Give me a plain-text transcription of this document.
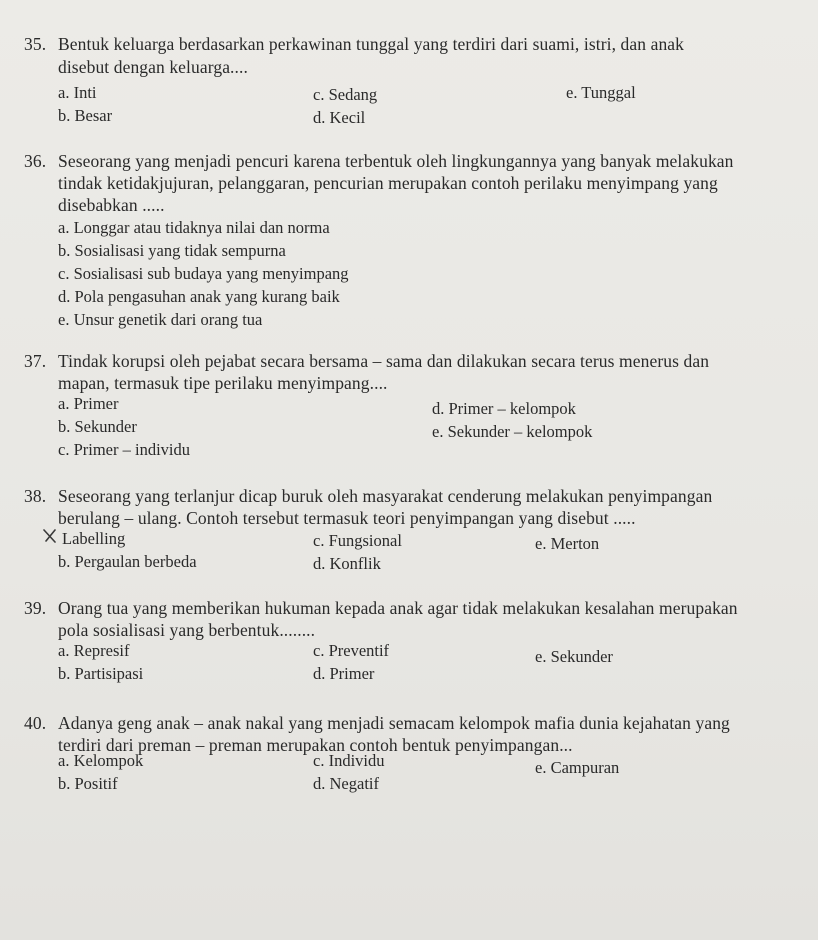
35. Bentuk keluarga berdasarkan perkawinan tunggal yang terdiri dari suami, istri, dan anak
disebut dengan keluarga....
a. Inti
b. Besar
c. Sedang
d. Kecil
e. Tunggal
36. Seseorang yang menjadi pencuri karena terbentuk oleh lingkungannya yang banyak melakukan
tindak ketidakjujuran, pelanggaran, pencurian merupakan contoh perilaku menyimpang yang
disebabkan .....
a. Longgar atau tidaknya nilai dan norma
b. Sosialisasi yang tidak sempurna
c. Sosialisasi sub budaya yang menyimpang
d. Pola pengasuhan anak yang kurang baik
e. Unsur genetik dari orang tua
37. Tindak korupsi oleh pejabat secara bersama – sama dan dilakukan secara terus menerus dan
mapan, termasuk tipe perilaku menyimpang....
a. Primer
b. Sekunder
c. Primer – individu
d. Primer – kelompok
e. Sekunder – kelompok
38. Seseorang yang terlanjur dicap buruk oleh masyarakat cenderung melakukan penyimpangan
berulang – ulang. Contoh tersebut termasuk teori penyimpangan yang disebut .....
Labelling
b. Pergaulan berbeda
c. Fungsional
d. Konflik
e. Merton
39. Orang tua yang memberikan hukuman kepada anak agar tidak melakukan kesalahan merupakan
pola sosialisasi yang berbentuk........
a. Represif
b. Partisipasi
c. Preventif
d. Primer
e. Sekunder
40. Adanya geng anak – anak nakal yang menjadi semacam kelompok mafia dunia kejahatan yang
terdiri dari preman – preman merupakan contoh bentuk penyimpangan...
a. Kelompok
b. Positif
c. Individu
d. Negatif
e. Campuran
